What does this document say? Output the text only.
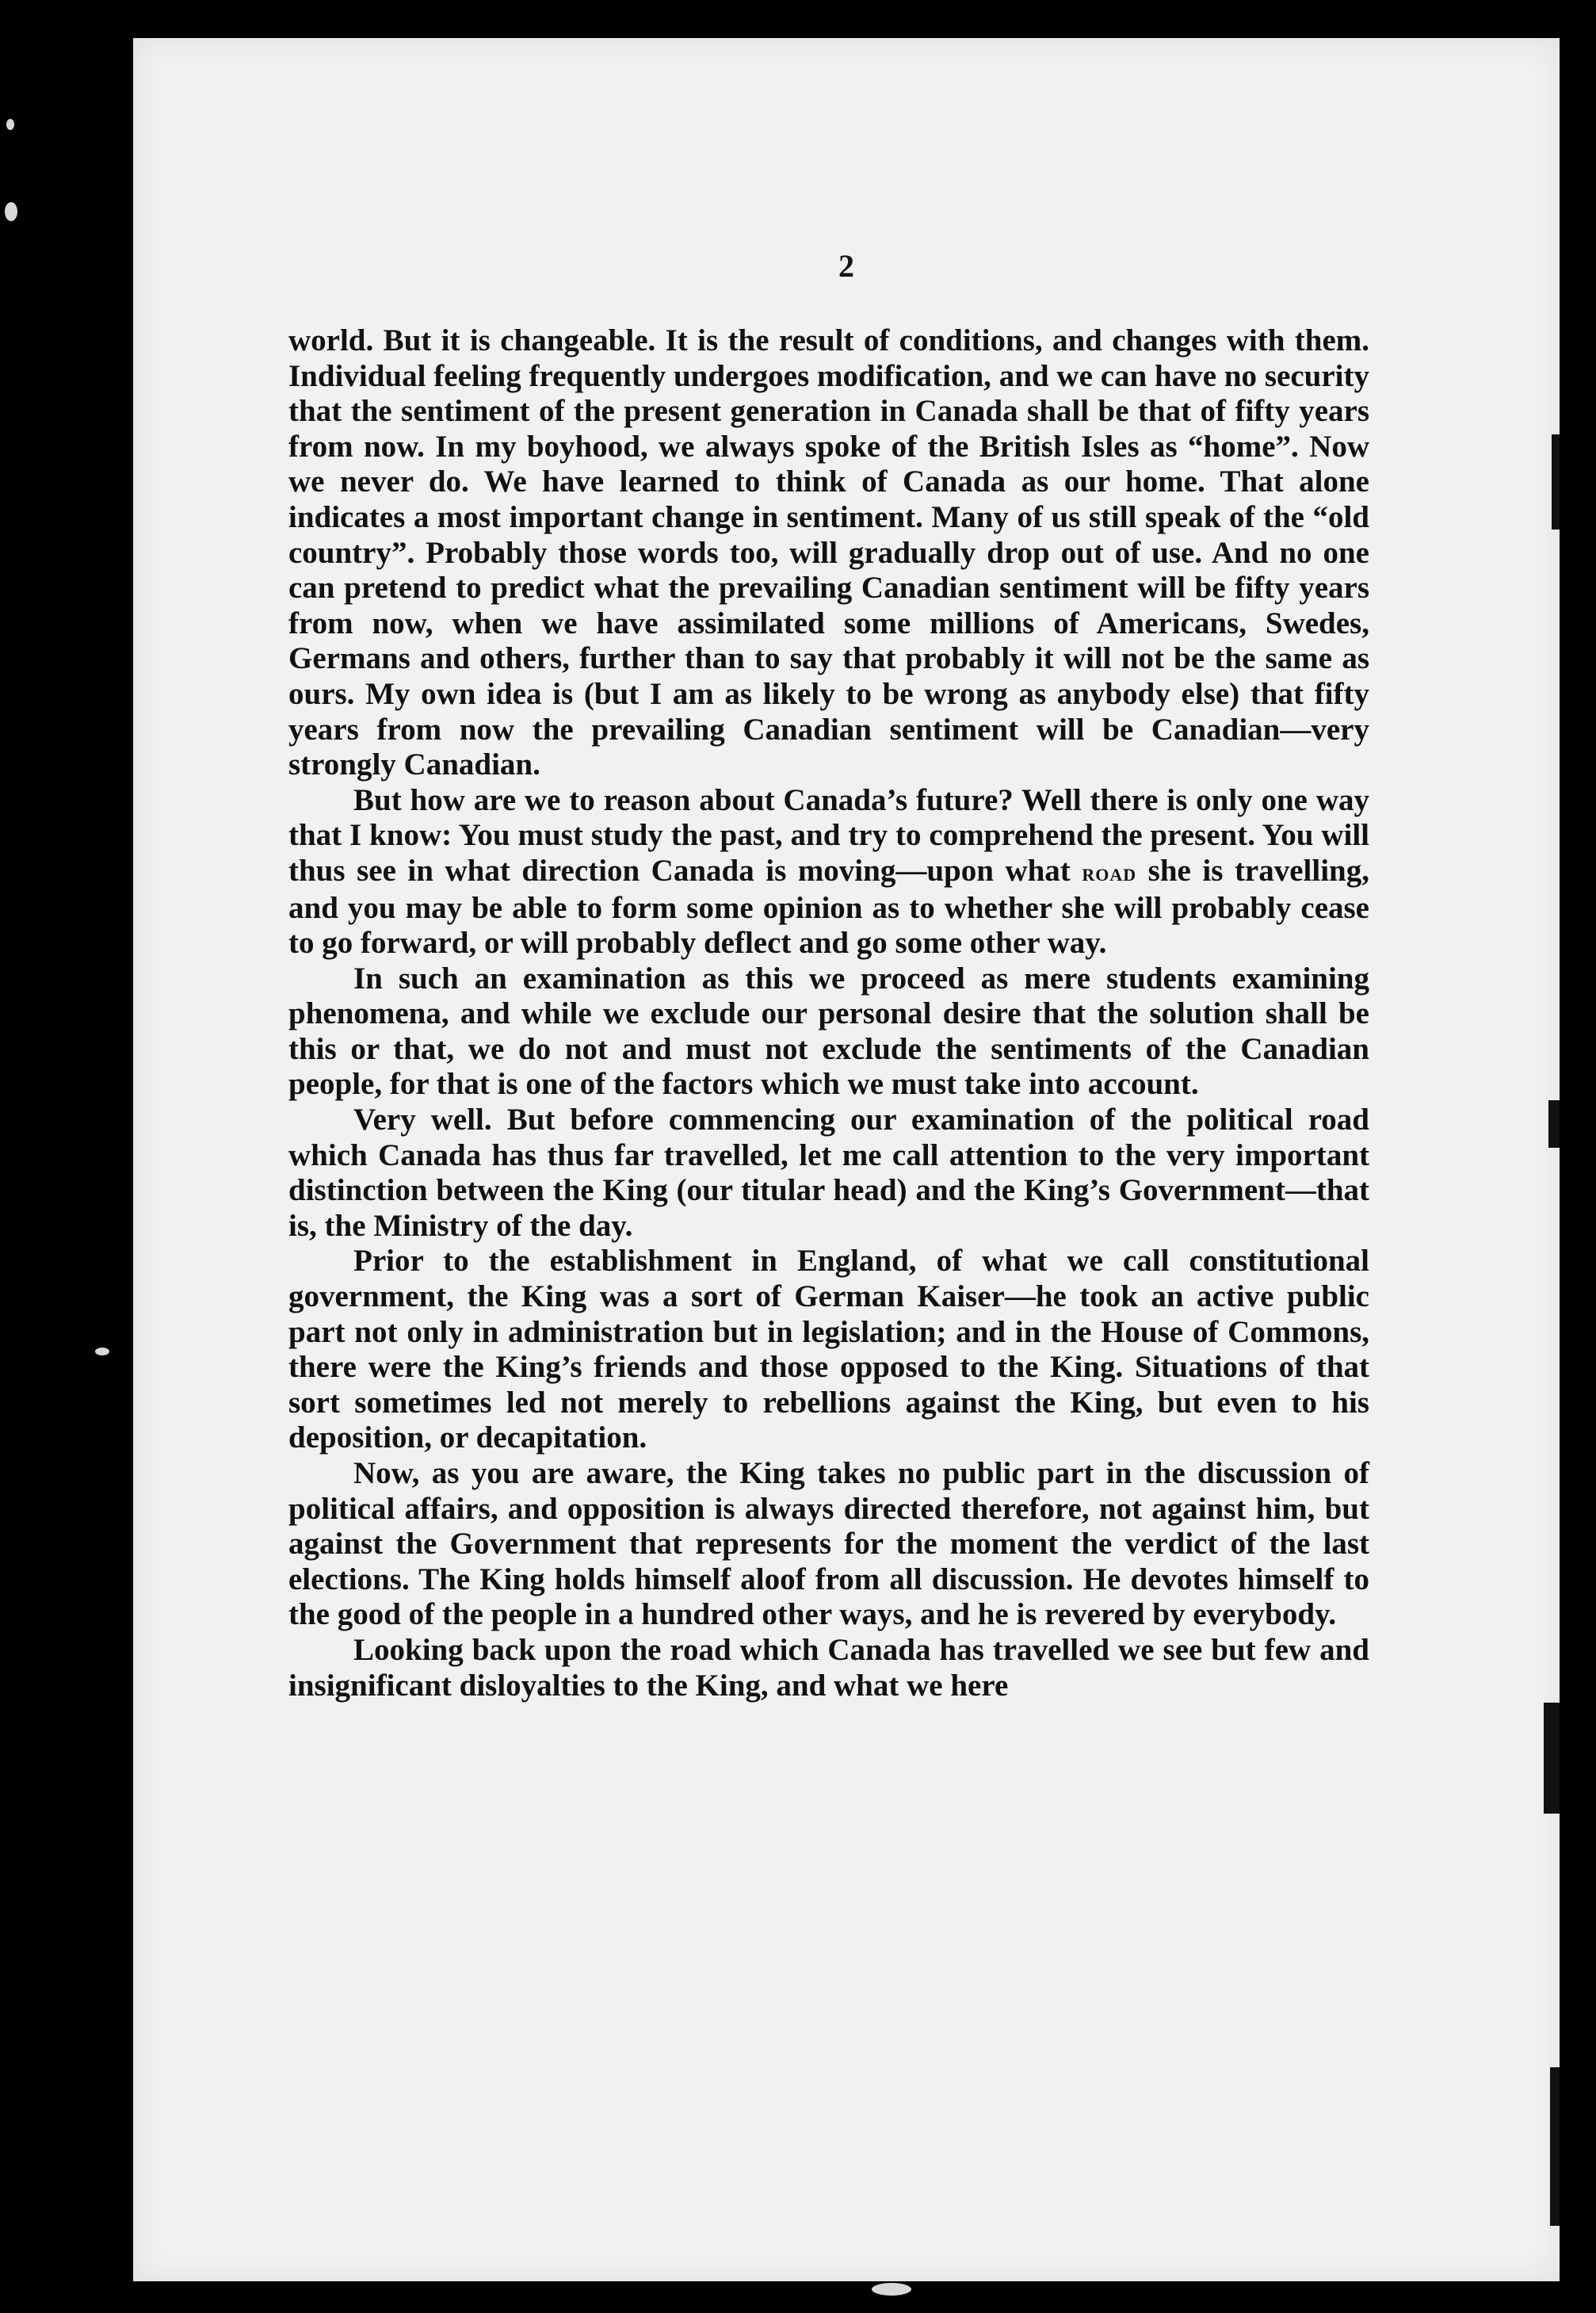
2

world. But it is changeable. It is the result of conditions, and changes with them. Individual feeling frequently undergoes modification, and we can have no security that the sentiment of the present generation in Canada shall be that of fifty years from now. In my boyhood, we always spoke of the British Isles as “home”. Now we never do. We have learned to think of Canada as our home. That alone indicates a most important change in sentiment. Many of us still speak of the “old country”. Probably those words too, will gradually drop out of use. And no one can pretend to predict what the prevailing Canadian sentiment will be fifty years from now, when we have assimilated some millions of Americans, Swedes, Germans and others, further than to say that probably it will not be the same as ours. My own idea is (but I am as likely to be wrong as anybody else) that fifty years from now the prevailing Canadian sentiment will be Canadian—very strongly Canadian.

But how are we to reason about Canada’s future? Well there is only one way that I know: You must study the past, and try to comprehend the present. You will thus see in what direction Canada is moving—upon what road she is travelling, and you may be able to form some opinion as to whether she will probably cease to go forward, or will probably deflect and go some other way.

In such an examination as this we proceed as mere students examining phenomena, and while we exclude our personal desire that the solution shall be this or that, we do not and must not exclude the sentiments of the Canadian people, for that is one of the factors which we must take into account.

Very well. But before commencing our examination of the political road which Canada has thus far travelled, let me call attention to the very important distinction between the King (our titular head) and the King’s Government—that is, the Ministry of the day.

Prior to the establishment in England, of what we call constitutional government, the King was a sort of German Kaiser—he took an active public part not only in administration but in legislation; and in the House of Commons, there were the King’s friends and those opposed to the King. Situations of that sort sometimes led not merely to rebellions against the King, but even to his deposition, or decapitation.

Now, as you are aware, the King takes no public part in the discussion of political affairs, and opposition is always directed therefore, not against him, but against the Government that represents for the moment the verdict of the last elections. The King holds himself aloof from all discussion. He devotes himself to the good of the people in a hundred other ways, and he is revered by everybody.

Looking back upon the road which Canada has travelled we see but few and insignificant disloyalties to the King, and what we here
